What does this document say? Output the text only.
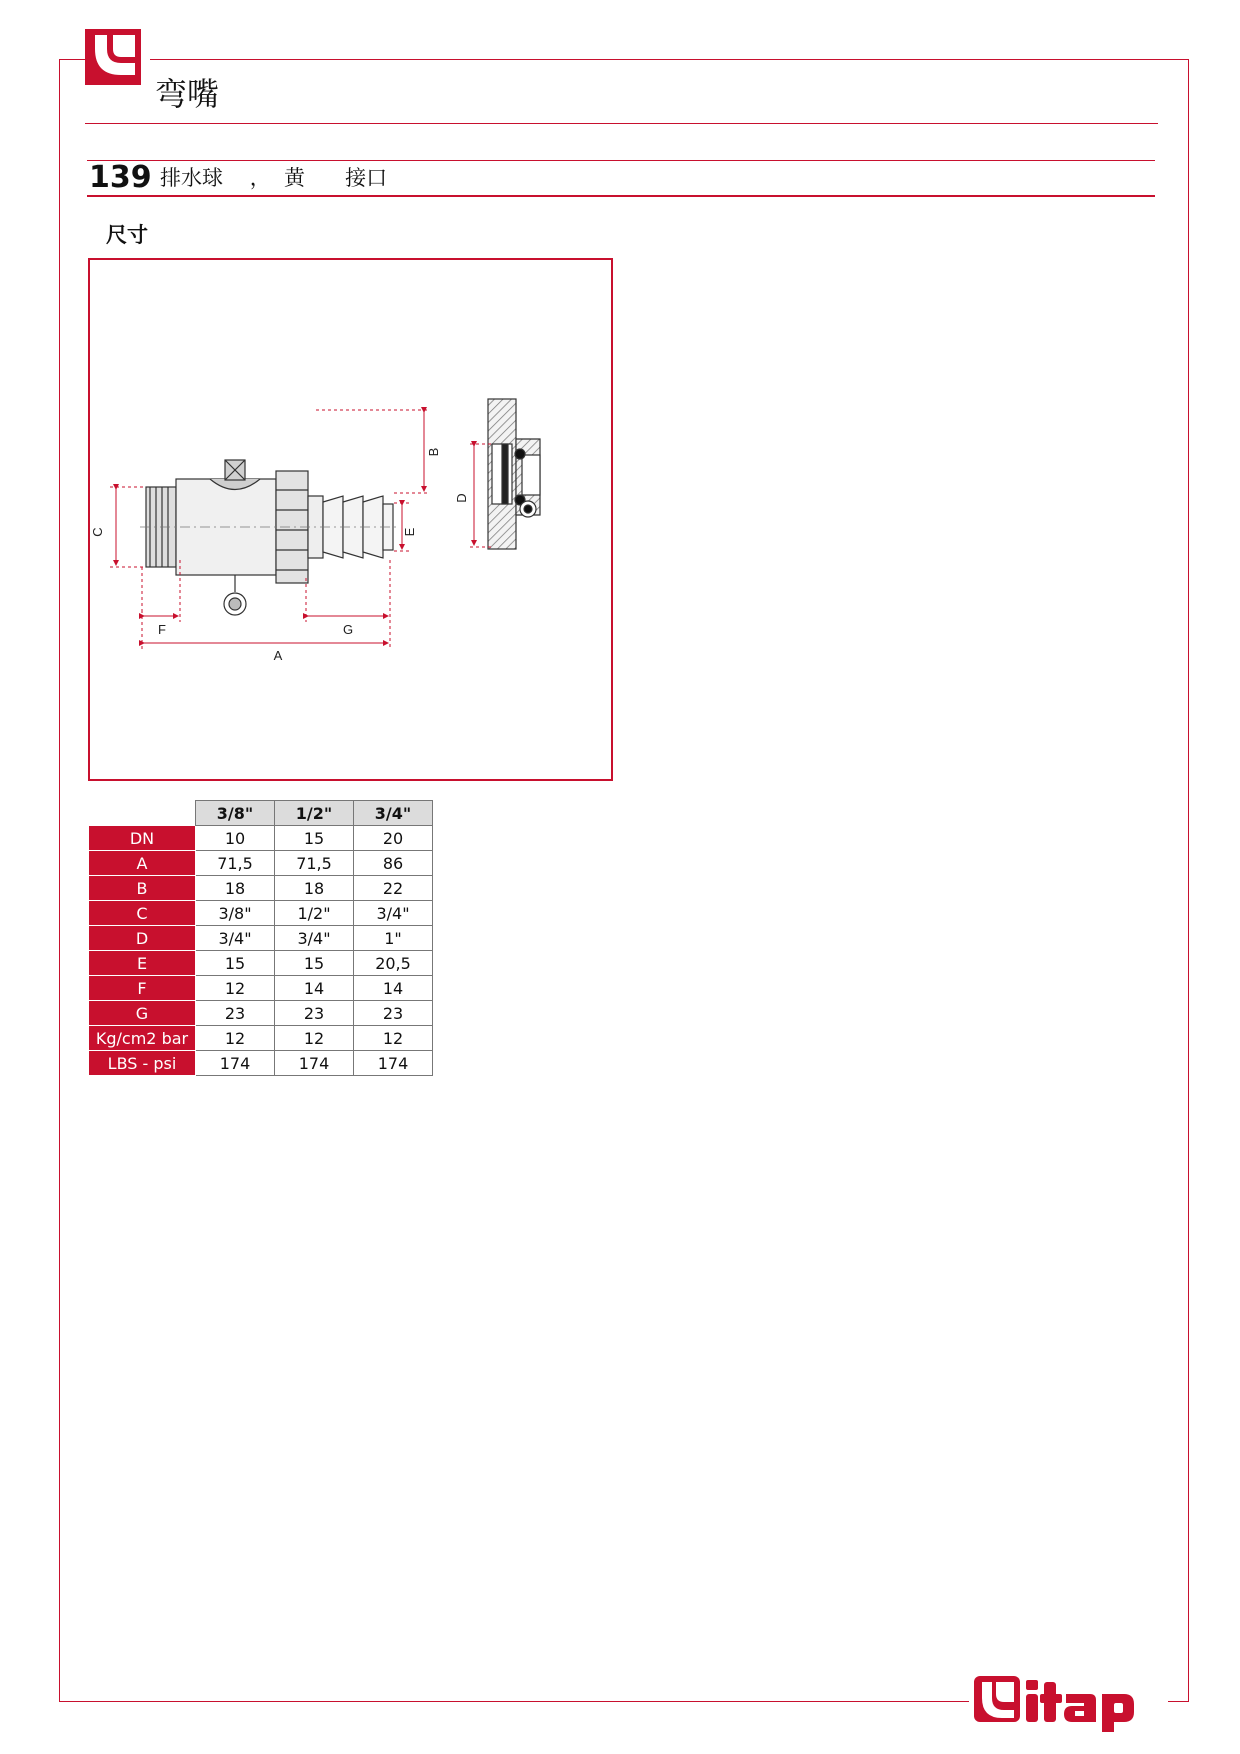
弯嘴
139 排水球    ，  黄      接口
尺寸
C
B
E
D
F	G
A
	3/8"	1/2"	3/4"
DN	10	15	20
A	71,5	71,5	86
B	18	18	22
C	3/8"	1/2"	3/4"
D	3/4"	3/4"	1"
E	15	15	20,5
F	12	14	14
G	23	23	23
Kg/cm2 bar	12	12	12
LBS - psi	174	174	174
